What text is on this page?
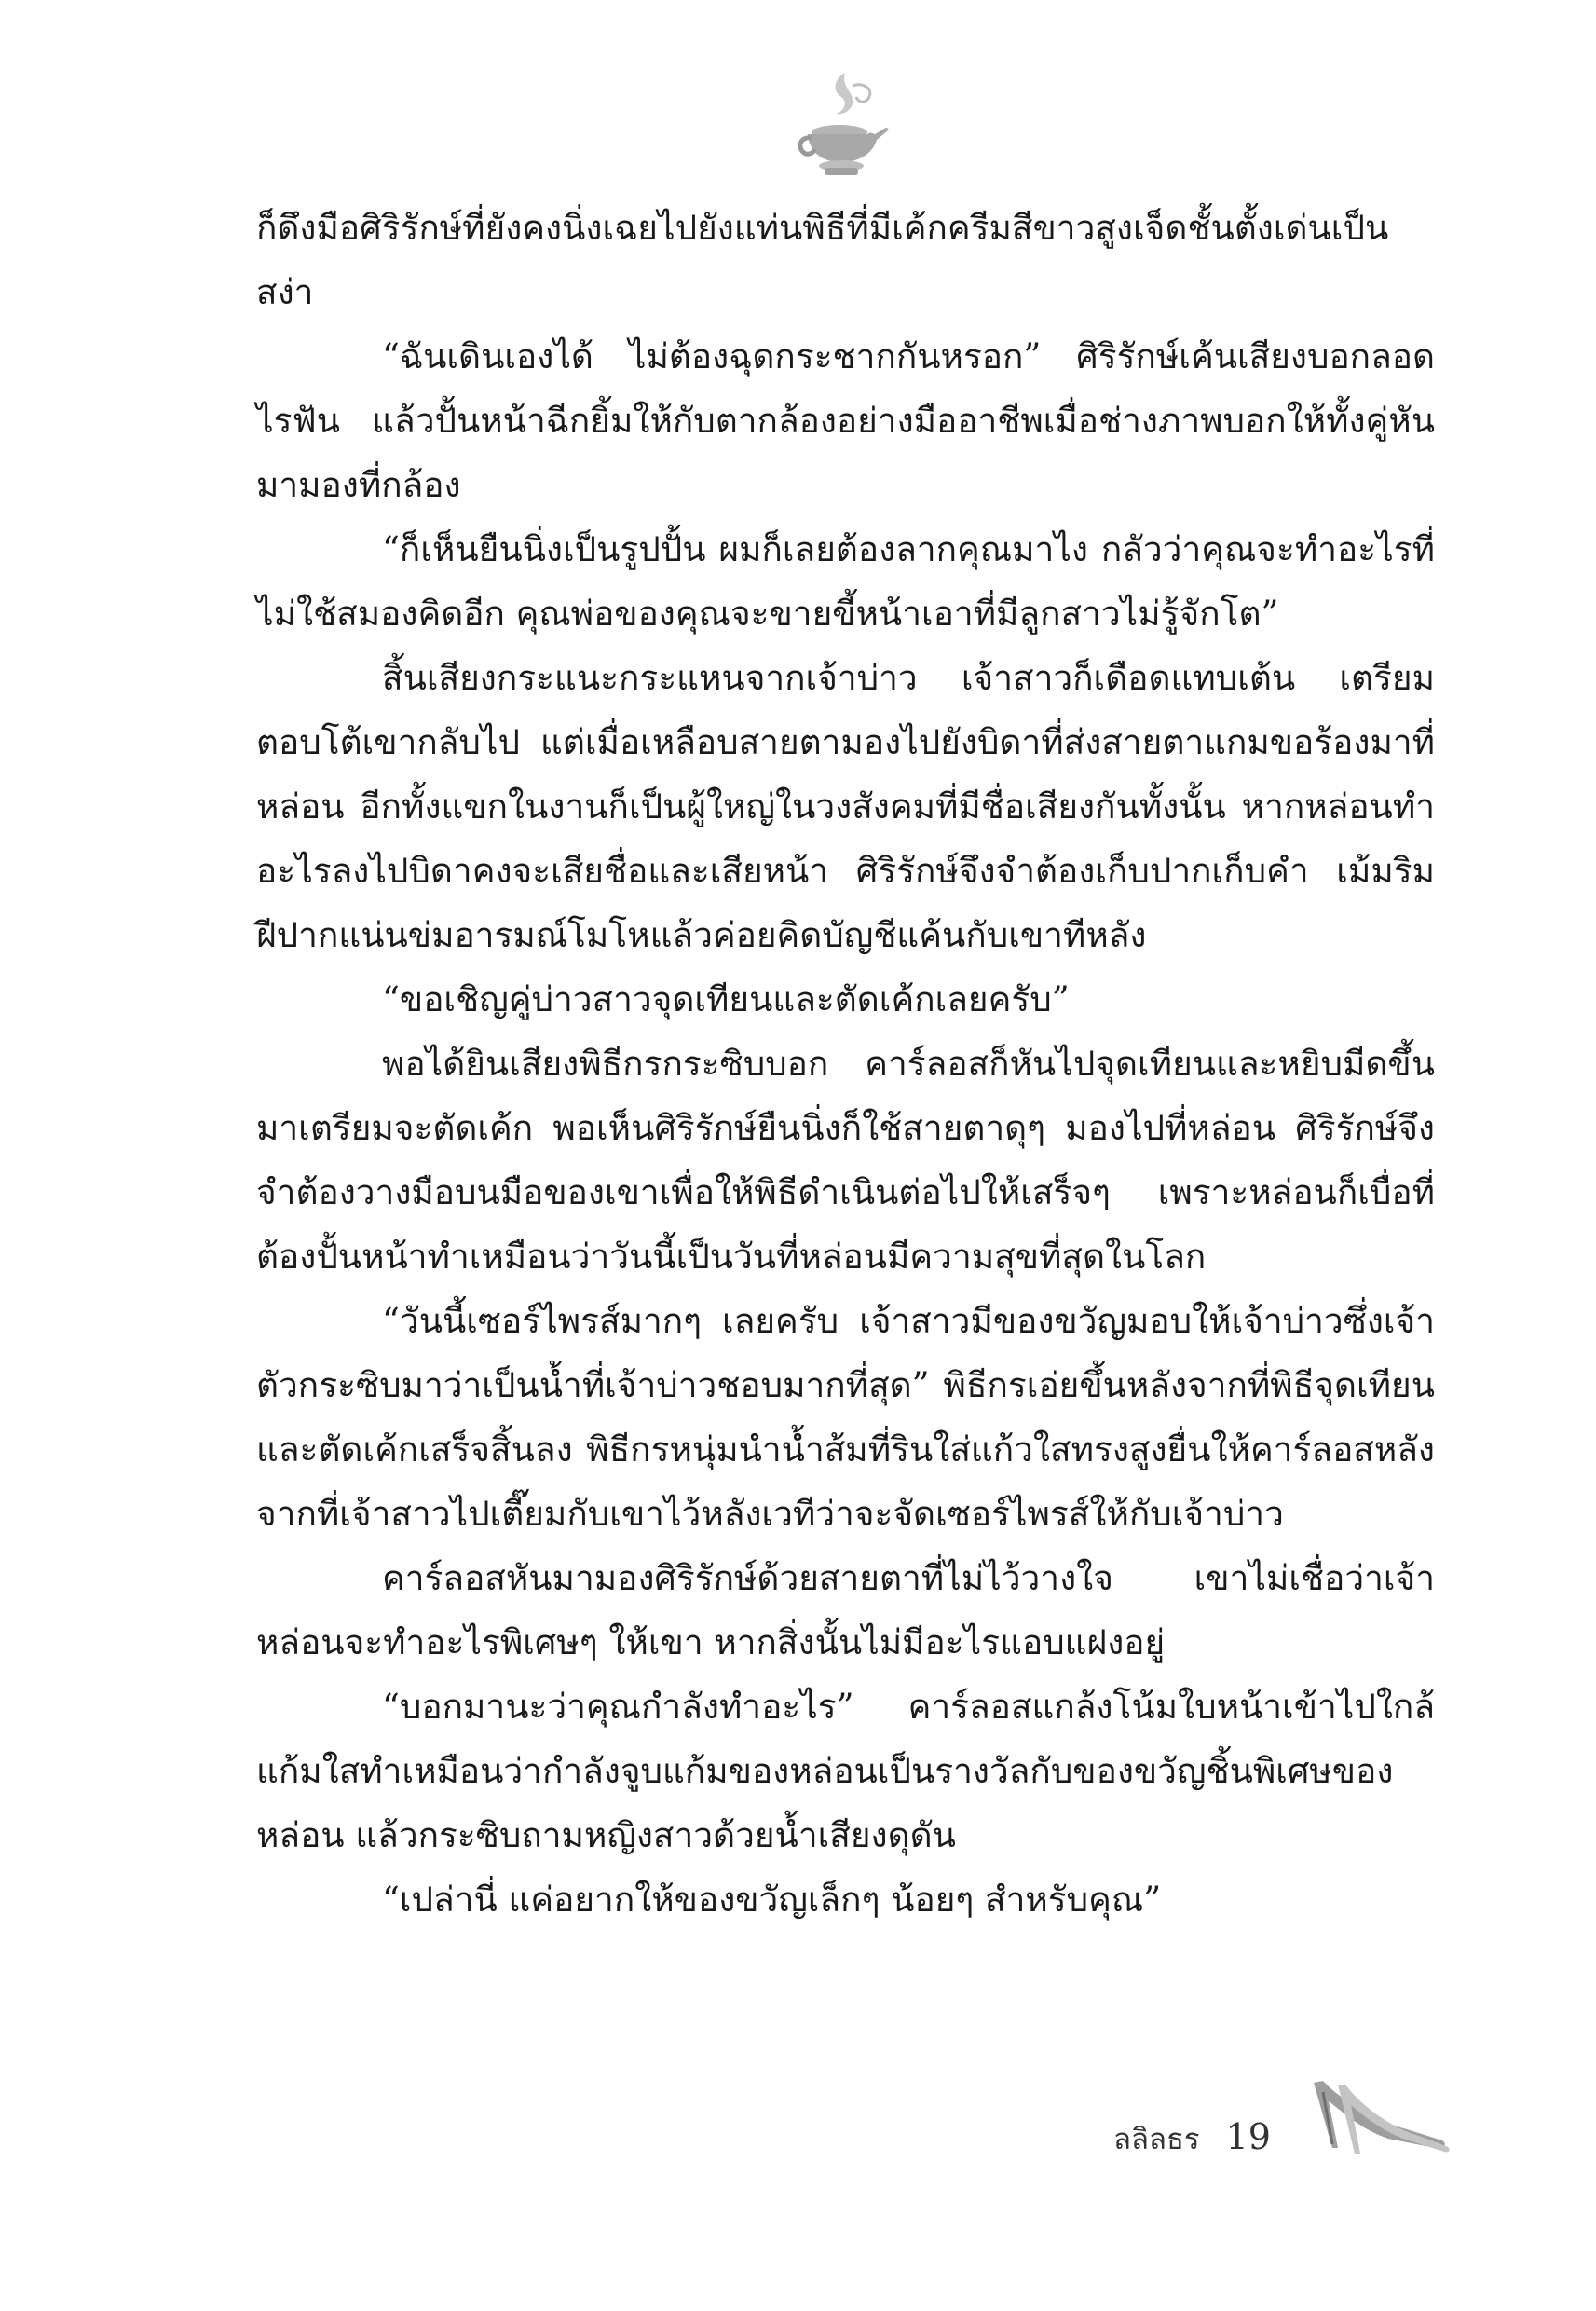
ก็ดึงมือศิริรักษ์ที่ยังคงนิ่งเฉยไปยังแท่นพิธีที่มีเค้กครีมสีขาวสูงเจ็ดชั้นตั้งเด่นเป็นสง่า

“ฉันเดินเองได้ ไม่ต้องฉุดกระชากกันหรอก” ศิริรักษ์เค้นเสียงบอกลอดไรฟัน แล้วปั้นหน้าฉีกยิ้มให้กับตากล้องอย่างมืออาชีพเมื่อช่างภาพบอกให้ทั้งคู่หันมามองที่กล้อง

“ก็เห็นยืนนิ่งเป็นรูปปั้น ผมก็เลยต้องลากคุณมาไง กลัวว่าคุณจะทำอะไรที่ไม่ใช้สมองคิดอีก คุณพ่อของคุณจะขายขี้หน้าเอาที่มีลูกสาวไม่รู้จักโต”

สิ้นเสียงกระแนะกระแหนจากเจ้าบ่าว เจ้าสาวก็เดือดแทบเต้น เตรียมตอบโต้เขากลับไป แต่เมื่อเหลือบสายตามองไปยังบิดาที่ส่งสายตาแกมขอร้องมาที่หล่อน อีกทั้งแขกในงานก็เป็นผู้ใหญ่ในวงสังคมที่มีชื่อเสียงกันทั้งนั้น หากหล่อนทำอะไรลงไปบิดาคงจะเสียชื่อและเสียหน้า ศิริรักษ์จึงจำต้องเก็บปากเก็บคำ เม้มริมฝีปากแน่นข่มอารมณ์โมโหแล้วค่อยคิดบัญชีแค้นกับเขาทีหลัง

“ขอเชิญคู่บ่าวสาวจุดเทียนและตัดเค้กเลยครับ”

พอได้ยินเสียงพิธีกรกระซิบบอก คาร์ลอสก็หันไปจุดเทียนและหยิบมีดขึ้นมาเตรียมจะตัดเค้ก พอเห็นศิริรักษ์ยืนนิ่งก็ใช้สายตาดุๆ มองไปที่หล่อน ศิริรักษ์จึงจำต้องวางมือบนมือของเขาเพื่อให้พิธีดำเนินต่อไปให้เสร็จๆ เพราะหล่อนก็เบื่อที่ต้องปั้นหน้าทำเหมือนว่าวันนี้เป็นวันที่หล่อนมีความสุขที่สุดในโลก

“วันนี้เซอร์ไพรส์มากๆ เลยครับ เจ้าสาวมีของขวัญมอบให้เจ้าบ่าวซึ่งเจ้าตัวกระซิบมาว่าเป็นน้ำที่เจ้าบ่าวชอบมากที่สุด” พิธีกรเอ่ยขึ้นหลังจากที่พิธีจุดเทียนและตัดเค้กเสร็จสิ้นลง พิธีกรหนุ่มนำน้ำส้มที่รินใส่แก้วใสทรงสูงยื่นให้คาร์ลอสหลังจากที่เจ้าสาวไปเตี๊ยมกับเขาไว้หลังเวทีว่าจะจัดเซอร์ไพรส์ให้กับเจ้าบ่าว

คาร์ลอสหันมามองศิริรักษ์ด้วยสายตาที่ไม่ไว้วางใจ เขาไม่เชื่อว่าเจ้าหล่อนจะทำอะไรพิเศษๆ ให้เขา หากสิ่งนั้นไม่มีอะไรแอบแฝงอยู่

“บอกมานะว่าคุณกำลังทำอะไร” คาร์ลอสแกล้งโน้มใบหน้าเข้าไปใกล้แก้มใสทำเหมือนว่ากำลังจูบแก้มของหล่อนเป็นรางวัลกับของขวัญชิ้นพิเศษของหล่อน แล้วกระซิบถามหญิงสาวด้วยน้ำเสียงดุดัน

“เปล่านี่ แค่อยากให้ของขวัญเล็กๆ น้อยๆ สำหรับคุณ”

ลลิลธร 19
